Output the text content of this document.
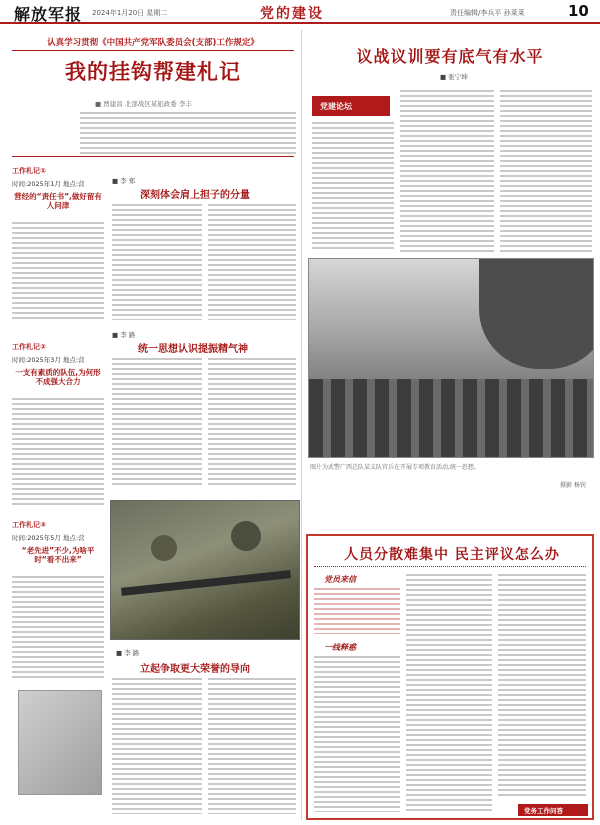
解放军报 2024年1月20日 星期二	党的建设	责任编辑/李兵平 孙莱莱	10
认真学习贯彻《中国共产党军队委员会(支部)工作规定》
我的挂钩帮建札记
■ 贾建昌 北部战区某旅政委 李丰
工作札记①
时间:2025年1月 地点:营
营经的“责任书”,做好留有人问津
工作札记②
时间:2025年3月 地点:营
一支有素质的队伍,为何形不成强大合力
工作札记③
时间:2025年5月 地点:营
“老先进”不少,为啥平时“看不出来”
■ 李 郑
深刻体会肩上担子的分量
■ 李 路
统一思想认识提振精气神
■ 李 路
立起争取更大荣誉的导向
议战议训要有底气有水平
■ 张宁坤
党建论坛
图片为武警广西总队某支队官兵在开展专项教育活动,统一思想。
摄影 杨钊
人员分散难集中 民主评议怎么办
党员来信
一线释惑
党务工作问答
